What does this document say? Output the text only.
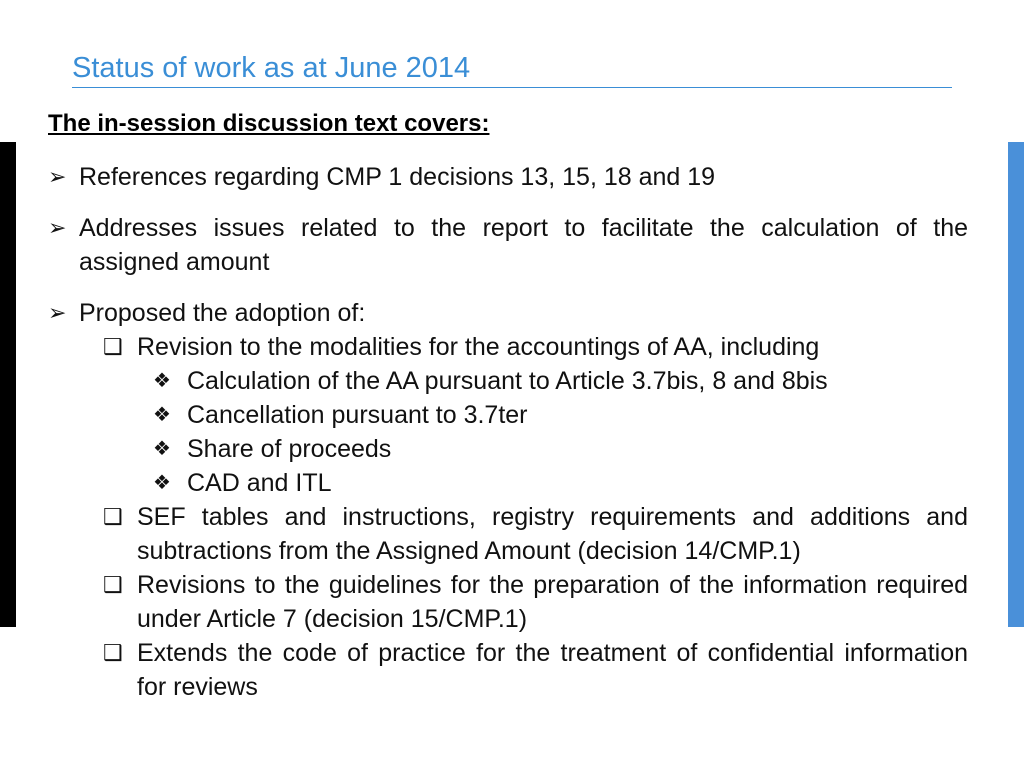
Status of work as at June 2014
The in-session discussion text covers:
➢ References regarding CMP 1 decisions 13, 15, 18 and 19
➢ Addresses issues related to the report to facilitate the calculation of the assigned amount
➢ Proposed the adoption of:
❑ Revision to the modalities for the accountings of AA, including
❖ Calculation of the AA pursuant to Article 3.7bis, 8 and 8bis
❖ Cancellation pursuant to 3.7ter
❖ Share of proceeds
❖ CAD and ITL
❑ SEF tables and instructions, registry requirements and additions and subtractions from the Assigned Amount (decision 14/CMP.1)
❑ Revisions to the guidelines for the preparation of the information required under Article 7 (decision 15/CMP.1)
❑ Extends the code of practice for the treatment of confidential information for reviews
